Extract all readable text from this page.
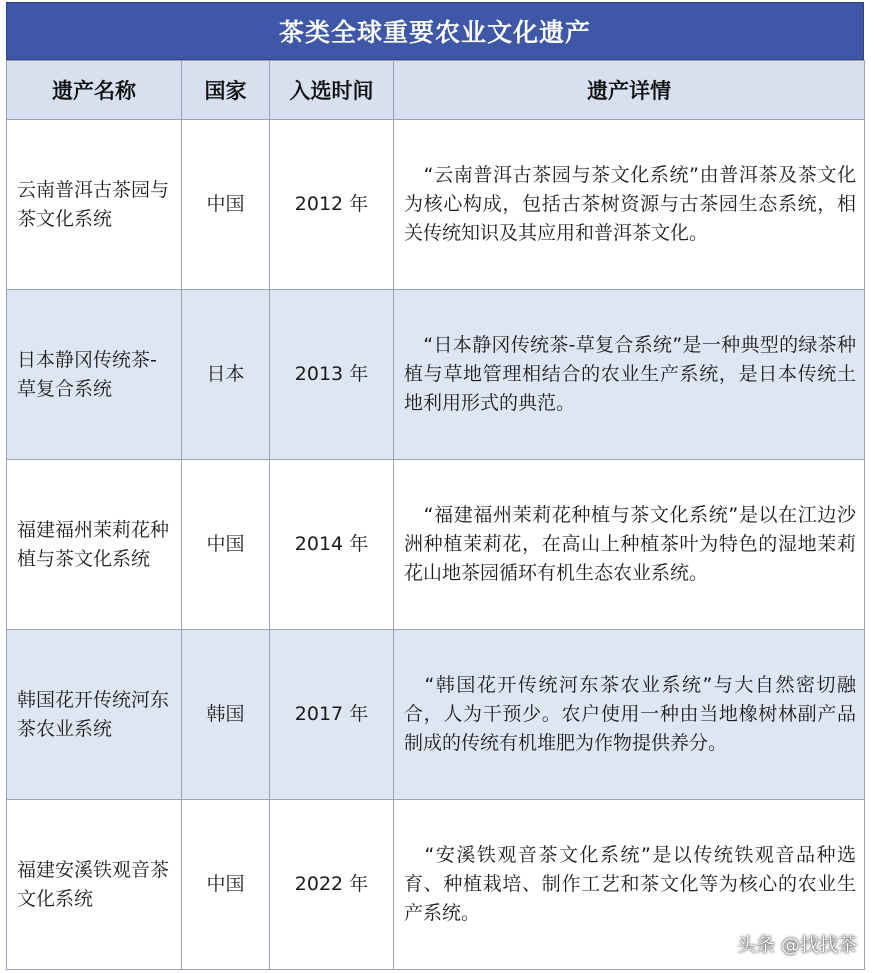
茶类全球重要农业文化遗产
遗产名称	国家	入选时间	遗产详情
云南普洱古茶园与茶文化系统	中国	2012 年	　“云南普洱古茶园与茶文化系统”由普洱茶及茶文化为核心构成，包括古茶树资源与古茶园生态系统，相关传统知识及其应用和普洱茶文化。
日本静冈传统茶-草复合系统	日本	2013 年	　“日本静冈传统茶-草复合系统”是一种典型的绿茶种植与草地管理相结合的农业生产系统，是日本传统土地利用形式的典范。
福建福州茉莉花种植与茶文化系统	中国	2014 年	　“福建福州茉莉花种植与茶文化系统”是以在江边沙洲种植茉莉花，在高山上种植茶叶为特色的湿地茉莉花山地茶园循环有机生态农业系统。
韩国花开传统河东茶农业系统	韩国	2017 年	　“韩国花开传统河东茶农业系统”与大自然密切融合，人为干预少。农户使用一种由当地橡树林副产品制成的传统有机堆肥为作物提供养分。
福建安溪铁观音茶文化系统	中国	2022 年	　“安溪铁观音茶文化系统”是以传统铁观音品种选育、种植栽培、制作工艺和茶文化等为核心的农业生产系统。
头条 @找找茶
